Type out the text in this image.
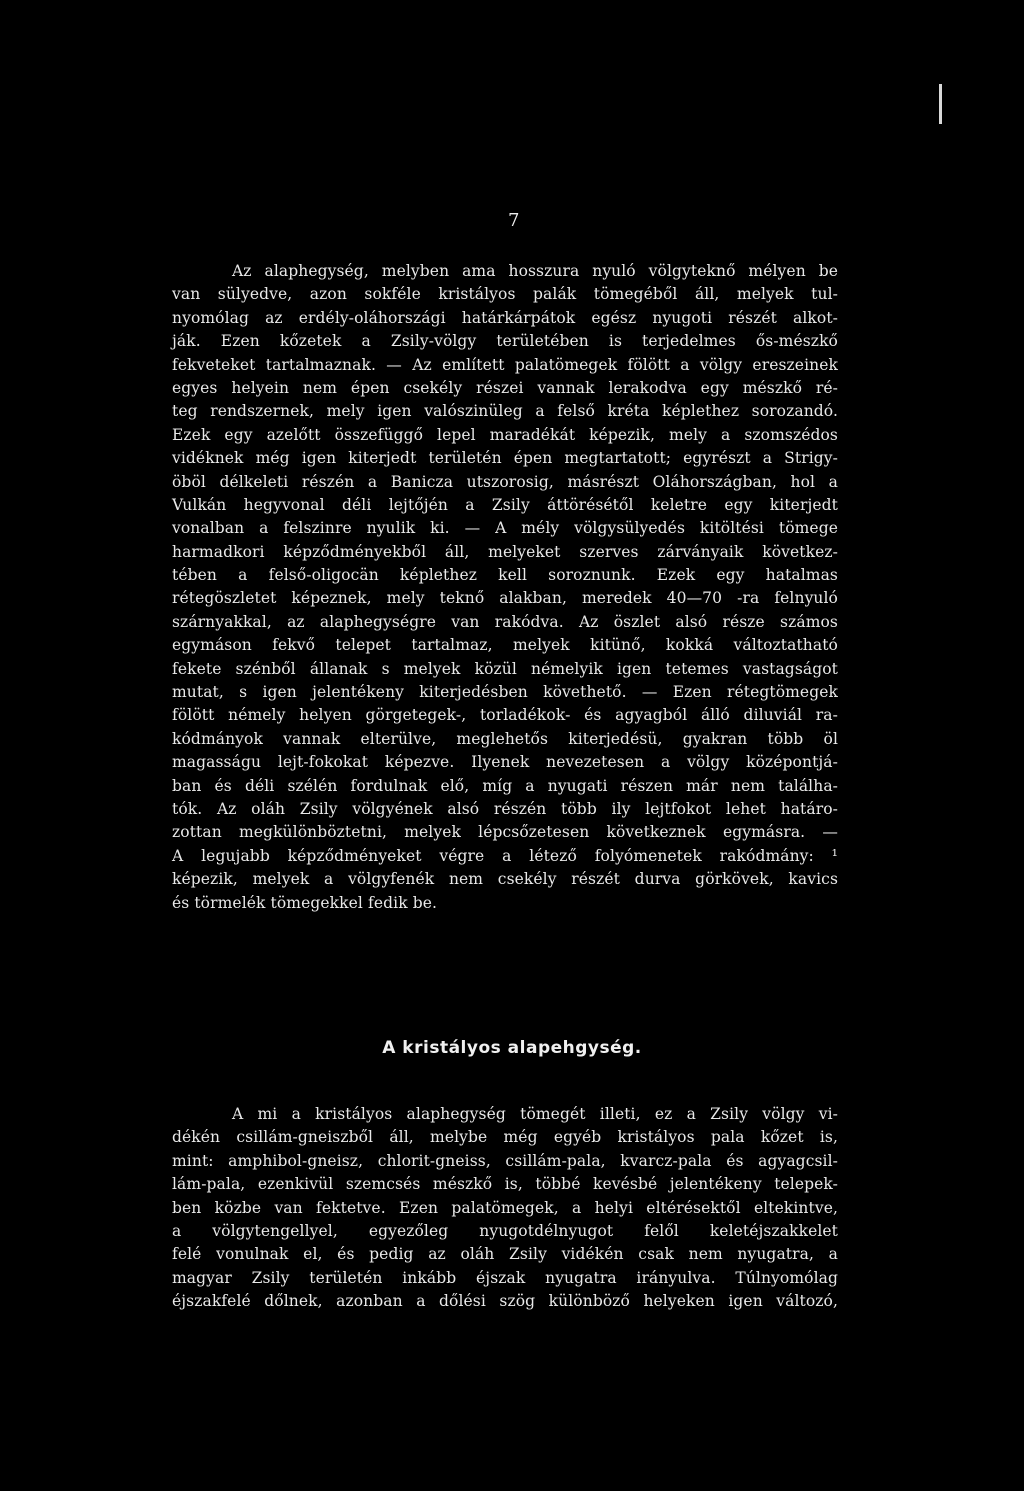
7
Az alaphegység, melyben ama hosszura nyuló völgyteknő mélyen be
van sülyedve, azon sokféle kristályos palák tömegéből áll, melyek tul-
nyomólag az erdély-oláhországi határkárpátok egész nyugoti részét alkot-
ják. Ezen kőzetek a Zsily-völgy területében is terjedelmes ős-mészkő
fekveteket tartalmaznak. — Az említett palatömegek fölött a völgy ereszeinek
egyes helyein nem épen csekély részei vannak lerakodva egy mészkő ré-
teg rendszernek, mely igen valószinüleg a felső kréta képlethez sorozandó.
Ezek egy azelőtt összefüggő lepel maradékát képezik, mely a szomszédos
vidéknek még igen kiterjedt területén épen megtartatott; egyrészt a Strigy-
öböl délkeleti részén a Banicza utszorosig, másrészt Oláhországban, hol a
Vulkán hegyvonal déli lejtőjén a Zsily áttörésétől keletre egy kiterjedt
vonalban a felszinre nyulik ki. — A mély völgysülyedés kitöltési tömege
harmadkori képződményekből áll, melyeket szerves zárványaik következ-
tében a felső-oligocän képlethez kell soroznunk. Ezek egy hatalmas
rétegöszletet képeznek, mely teknő alakban, meredek 40—70 -ra felnyuló
szárnyakkal, az alaphegységre van rakódva. Az öszlet alsó része számos
egymáson fekvő telepet tartalmaz, melyek kitünő, kokká változtatható
fekete szénből állanak s melyek közül némelyik igen tetemes vastagságot
mutat, s igen jelentékeny kiterjedésben követhető. — Ezen rétegtömegek
fölött némely helyen görgetegek-, torladékok- és agyagból álló diluviál ra-
kódmányok vannak elterülve, meglehetős kiterjedésü, gyakran több öl
magasságu lejt-fokokat képezve. Ilyenek nevezetesen a völgy középontjá-
ban és déli szélén fordulnak elő, míg a nyugati részen már nem találha-
tók. Az oláh Zsily völgyének alsó részén több ily lejtfokot lehet határo-
zottan megkülönböztetni, melyek lépcsőzetesen következnek egymásra. —
A legujabb képződményeket végre a létező folyómenetek rakódmány: ¹
képezik, melyek a völgyfenék nem csekély részét durva görkövek, kavics
és törmelék tömegekkel fedik be.
A kristályos alapehgység.
A mi a kristályos alaphegység tömegét illeti, ez a Zsily völgy vi-
dékén csillám-gneiszből áll, melybe még egyéb kristályos pala kőzet is,
mint: amphibol-gneisz, chlorit-gneiss, csillám-pala, kvarcz-pala és agyagcsil-
lám-pala, ezenkivül szemcsés mészkő is, többé kevésbé jelentékeny telepek-
ben közbe van fektetve. Ezen palatömegek, a helyi eltérésektől eltekintve,
a völgytengellyel, egyezőleg nyugotdélnyugot felől keletéjszakkelet
felé vonulnak el, és pedig az oláh Zsily vidékén csak nem nyugatra, a
magyar Zsily területén inkább éjszak nyugatra irányulva. Túlnyomólag
éjszakfelé dőlnek, azonban a dőlési szög különböző helyeken igen változó,
